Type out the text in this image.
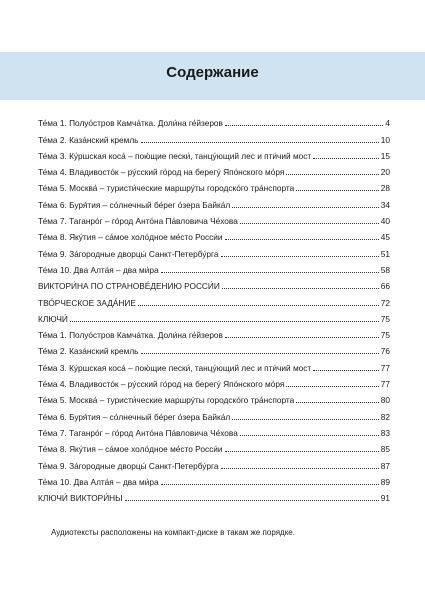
Содержание
Те́ма 1. Полуо́стров Камча́тка. Доли́на ге́йзеров	4
Те́ма 2. Каза́нский кремль	10
Те́ма 3. Ку́ршская коса́ – пою́щие пески́, танцу́ющий лес и пти́чий мост	15
Те́ма 4. Владивосто́к – ру́сский го́род на берегу́ Япо́нского мо́ря	20
Те́ма 5. Москва́ – туристи́ческие маршру́ты городско́го тра́нспорта	28
Те́ма 6. Буря́тия – со́лнечный бе́рег о́зера Байка́л	34
Те́ма 7. Таганро́г – го́род Анто́на Па́вловича Че́хова	40
Те́ма 8. Яку́тия – са́мое холо́дное ме́сто Росси́и	45
Те́ма 9. За́городные дворцы́ Санкт-Петербу́рга	51
Те́ма 10. Два Алта́я – два ми́ра	58
ВИКТОРИ́НА ПО СТРАНОВЕ́ДЕНИЮ РОССИ́И	66
ТВО́РЧЕСКОЕ ЗАДА́НИЕ	72
КЛЮЧИ́	75
Те́ма 1. Полуо́стров Камча́тка. Доли́на ге́йзеров	75
Те́ма 2. Каза́нский кремль	76
Те́ма 3. Ку́ршская коса́ – пою́щие пески́, танцу́ющий лес и пти́чий мост	77
Те́ма 4. Владивосто́к – ру́сский го́род на берегу́ Япо́нского мо́ря	77
Те́ма 5. Москва́ – туристи́ческие маршру́ты городско́го тра́нспорта	80
Те́ма 6. Буря́тия – со́лнечный бе́рег о́зера Байка́л	82
Те́ма 7. Таганро́г – го́род Анто́на Па́вловича Че́хова	83
Те́ма 8. Яку́тия – са́мое холо́дное ме́сто Росси́и	85
Те́ма 9. За́городные дворцы́ Санкт-Петербу́рга	87
Те́ма 10. Два Алта́я – два ми́ра	89
КЛЮЧИ́ ВИКТОРИ́НЫ	91
Аудиотексты расположены на компакт-диске в такам же порядке.
